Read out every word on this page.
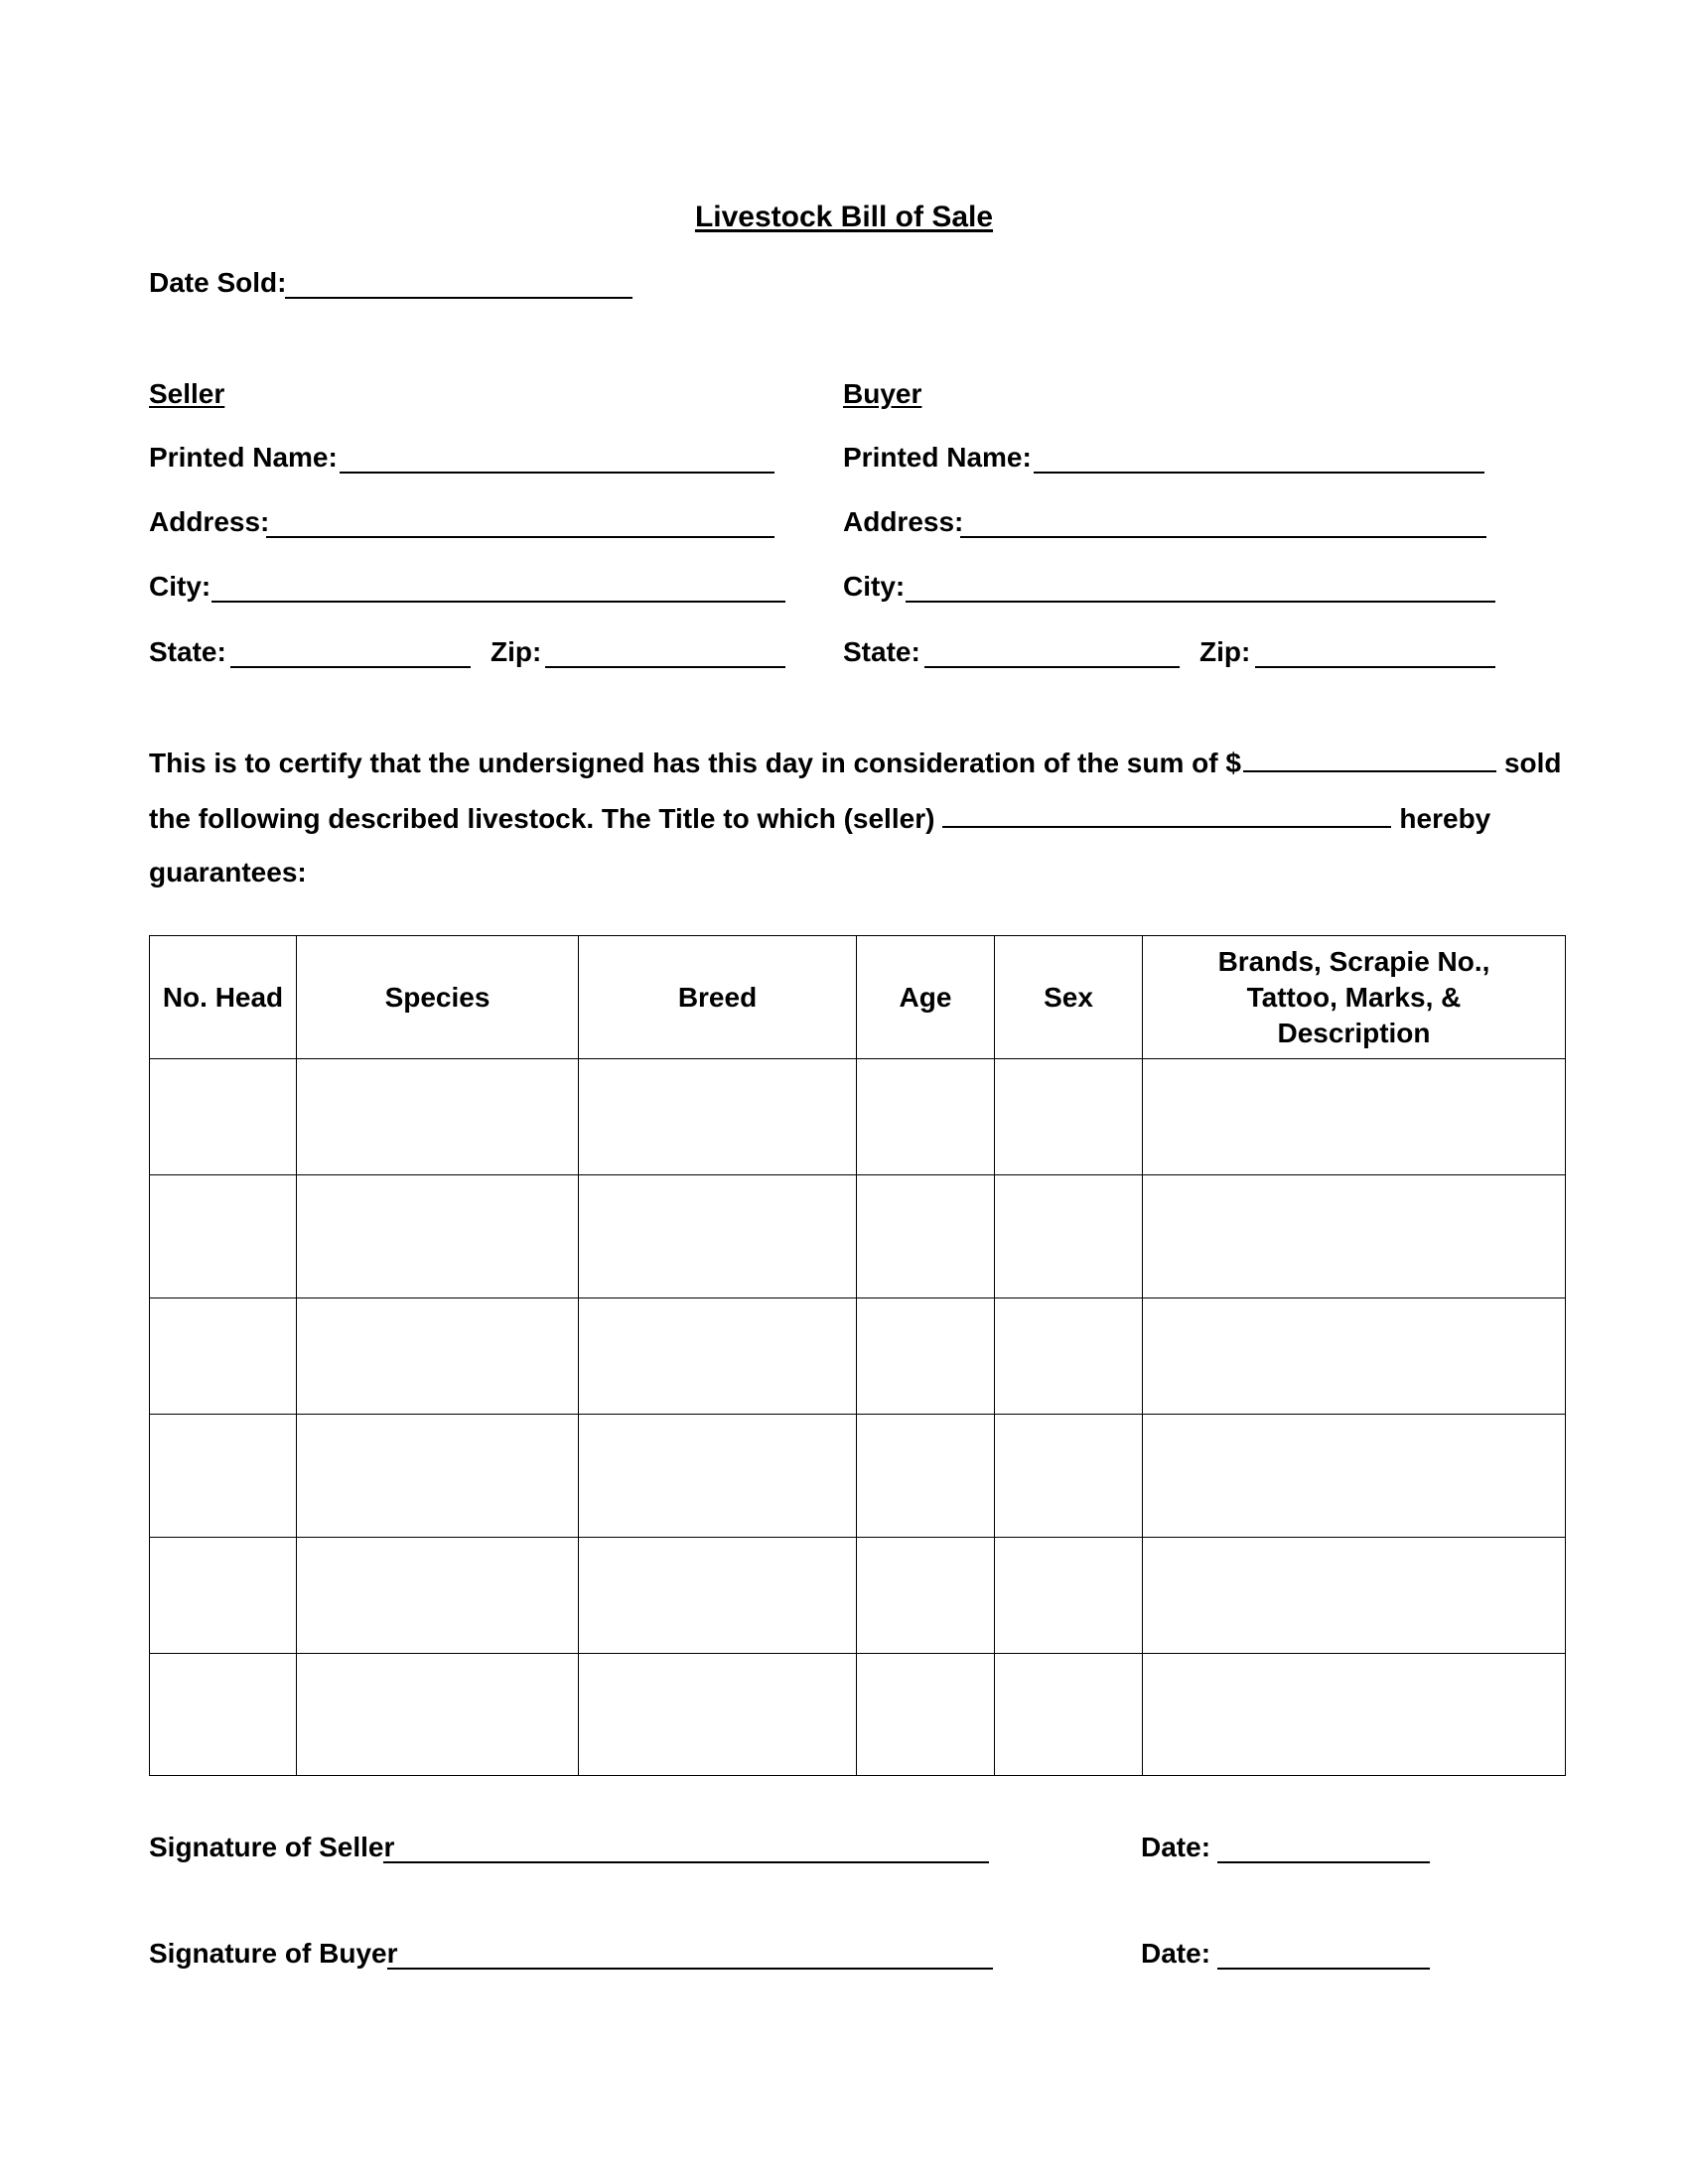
Livestock Bill of Sale
Date Sold:
Seller
Printed Name:
Address:
City:
State:	Zip:
Buyer
Printed Name:
Address:
City:
State:	Zip:
This is to certify that the undersigned has this day in consideration of the sum of $	sold
the following described livestock. The Title to which (seller)	hereby
guarantees:
No. Head	Species	Breed	Age	Sex	Brands, Scrapie No., Tattoo, Marks, & Description

Signature of Seller	Date:
Signature of Buyer	Date:
